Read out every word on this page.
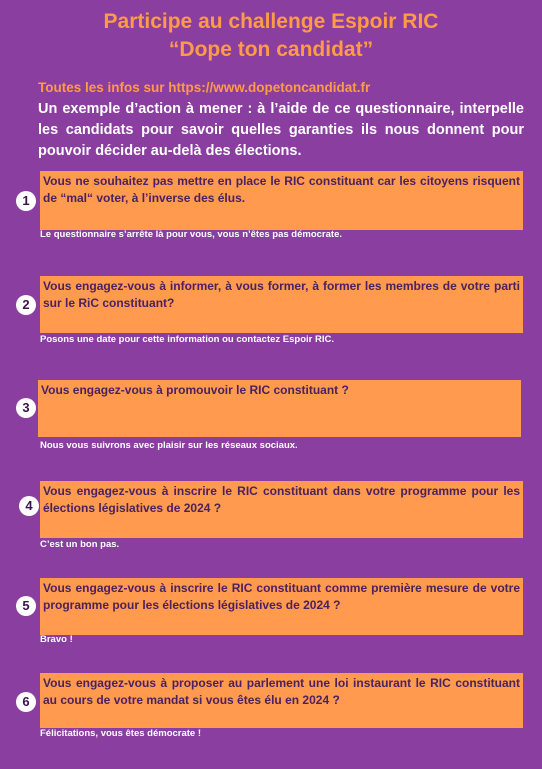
Participe au challenge Espoir RIC
“Dope ton candidat”
Toutes les infos sur https://www.dopetoncandidat.fr
Un exemple d’action à mener : à l’aide de ce questionnaire, interpelle les candidats pour savoir quelles garanties ils nous donnent pour pouvoir décider au-delà des élections.
1
Vous ne souhaitez pas mettre en place le RIC constituant car les citoyens risquent de “mal“ voter, à l’inverse des élus.
Le questionnaire s’arrête là pour vous, vous n’êtes pas démocrate.
2
Vous engagez-vous à informer, à vous former, à former les membres de votre parti sur le RiC constituant?
Posons une date pour cette information ou contactez Espoir RIC.
3
Vous engagez-vous à promouvoir le RIC constituant ?
Nous vous suivrons avec plaisir sur les réseaux sociaux.
4
Vous engagez-vous à inscrire le RIC constituant dans votre programme pour les élections législatives de 2024 ?
C’est un bon pas.
5
Vous engagez-vous à inscrire le RIC constituant comme première mesure de votre programme pour les élections législatives de 2024 ?
Bravo !
6
Vous engagez-vous à proposer au parlement une loi instaurant le RIC constituant au cours de votre mandat si vous êtes élu en 2024 ?
Félicitations, vous êtes démocrate !
